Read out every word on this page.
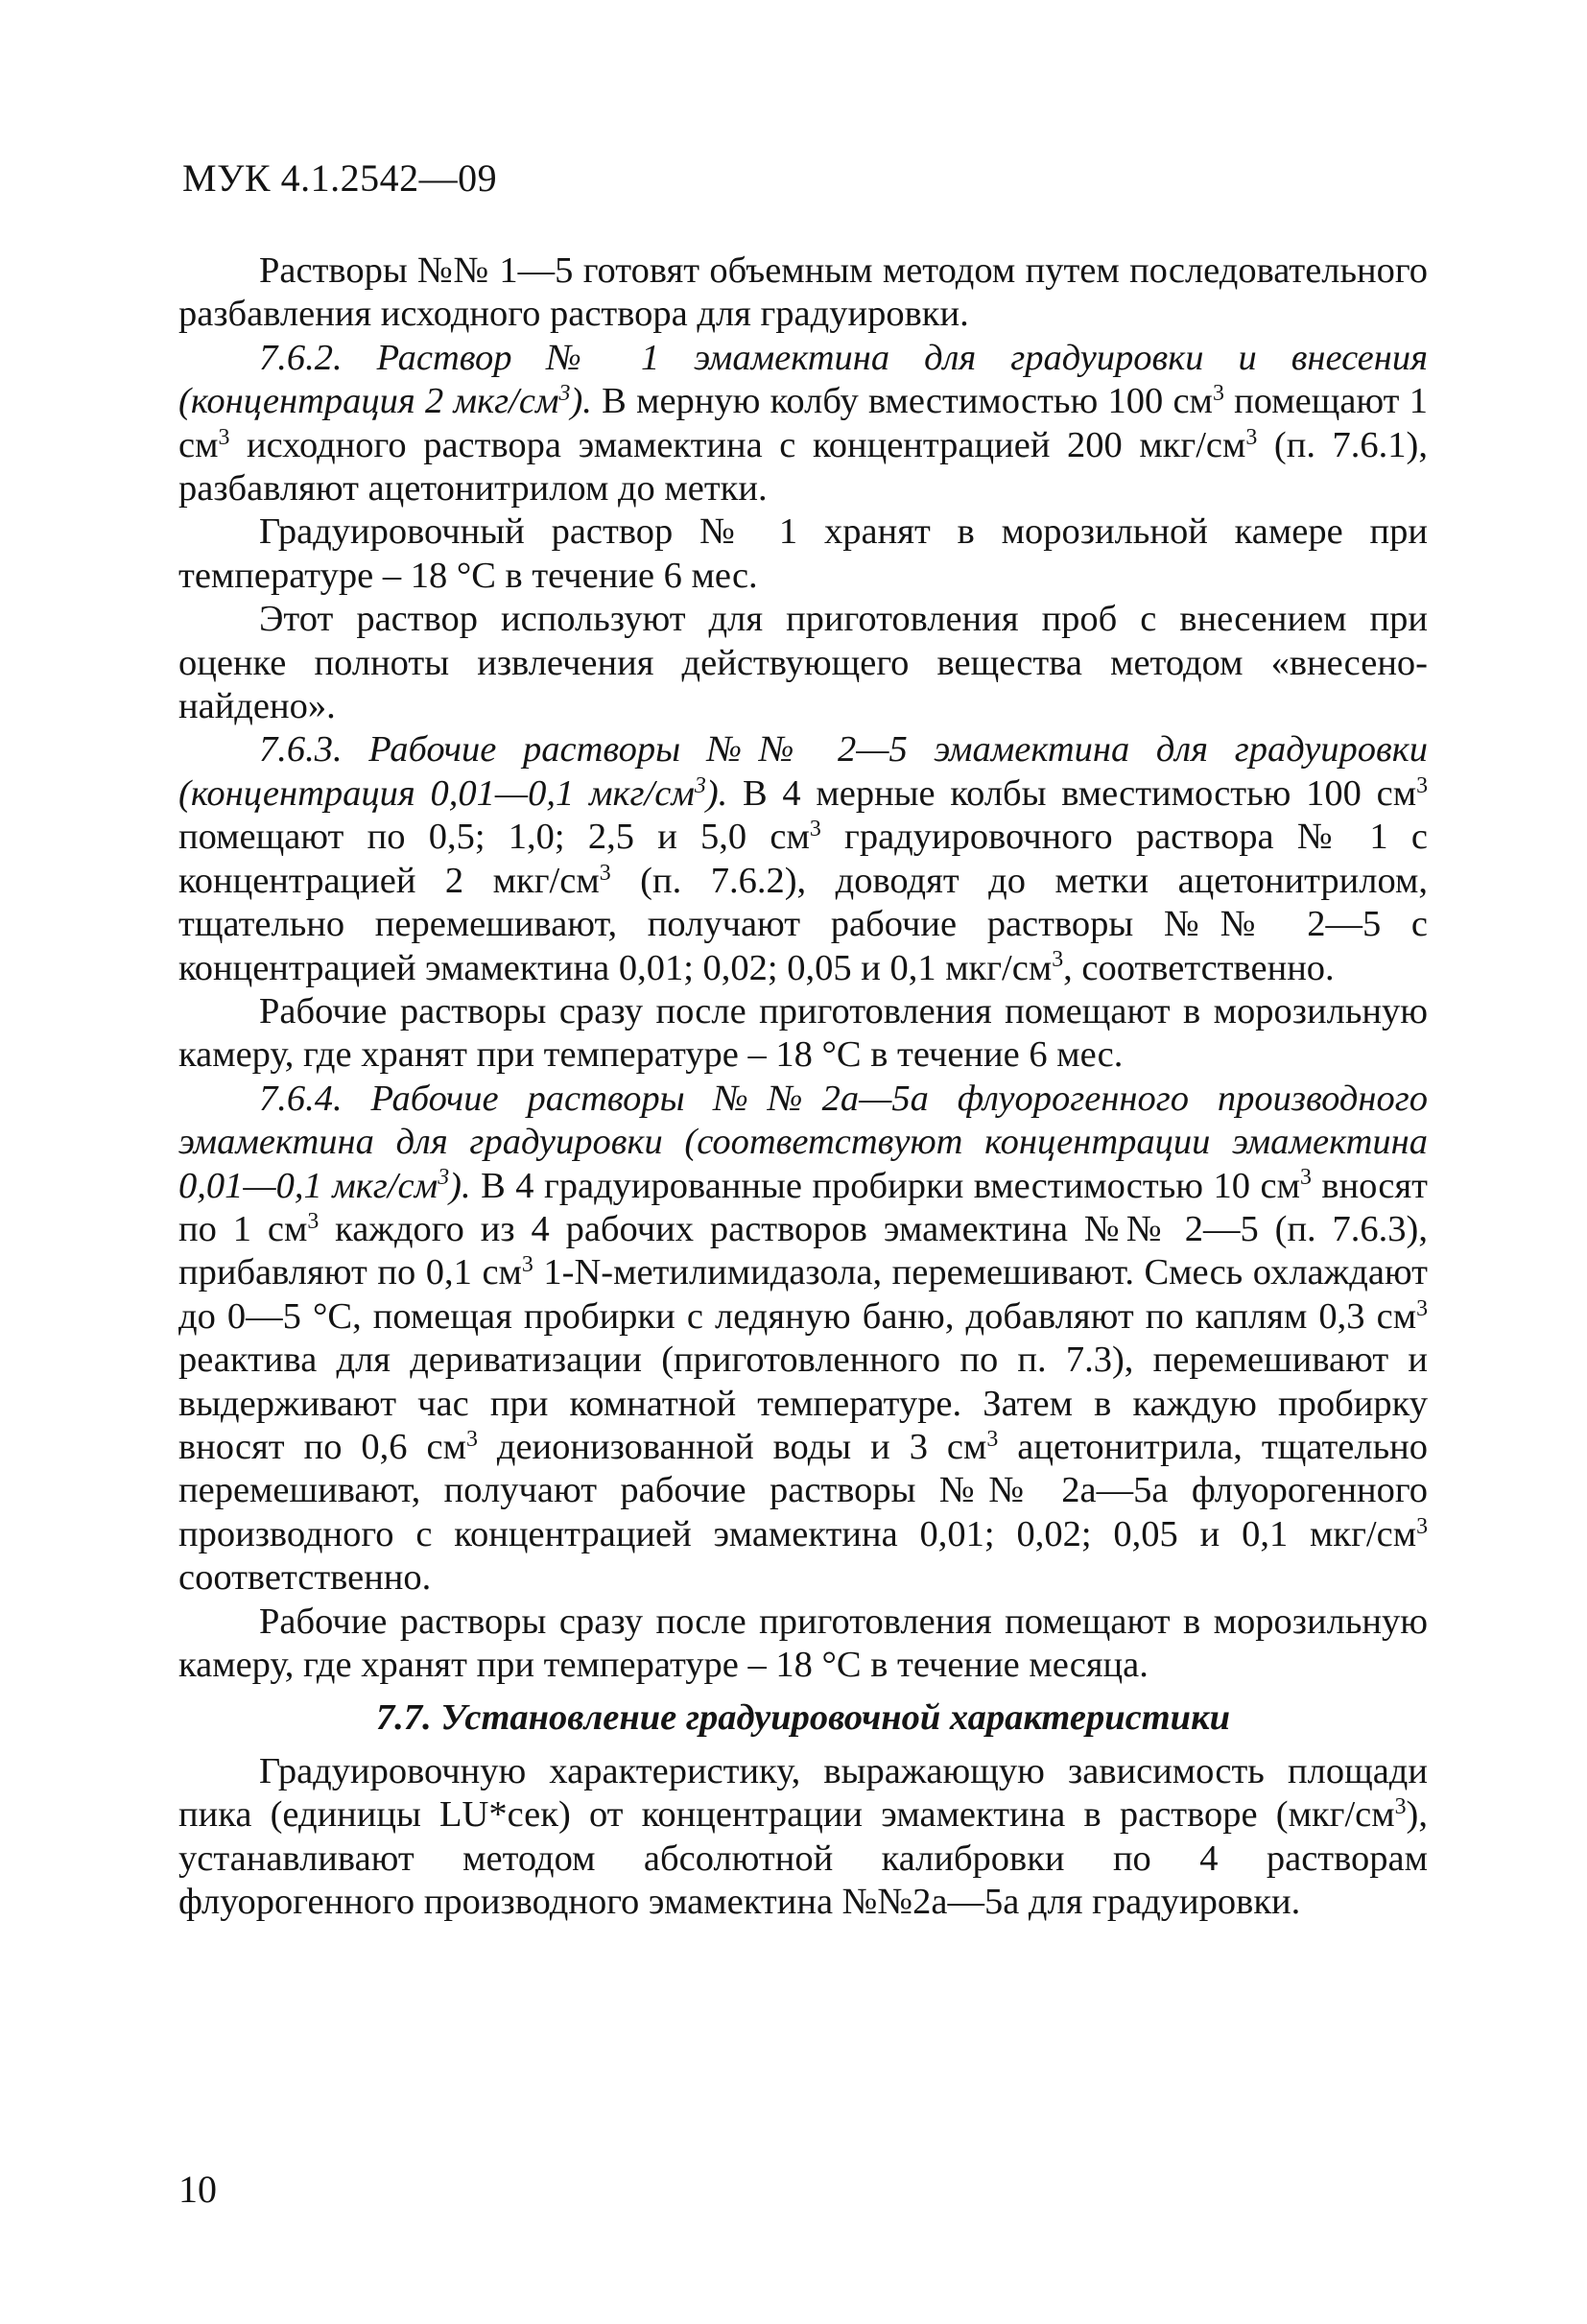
МУК 4.1.2542—09

Растворы №№ 1—5 готовят объемным методом путем последовательного разбавления исходного раствора для градуировки.

7.6.2. Раствор № 1 эмамектина для градуировки и внесения (концентрация 2 мкг/$см^3$). В мерную колбу вместимостью 100 $см^3$ помещают 1 $см^3$ исходного раствора эмамектина с концентрацией 200 мкг/$см^3$ (п. 7.6.1), разбавляют ацетонитрилом до метки.

Градуировочный раствор № 1 хранят в морозильной камере при температуре – 18 °С в течение 6 мес.

Этот раствор используют для приготовления проб с внесением при оценке полноты извлечения действующего вещества методом «внесено-найдено».

7.6.3. Рабочие растворы №№ 2—5 эмамектина для градуировки (концентрация 0,01—0,1 мкг/$см^3$). В 4 мерные колбы вместимостью 100 $см^3$ помещают по 0,5; 1,0; 2,5 и 5,0 $см^3$ градуировочного раствора № 1 с концентрацией 2 мкг/$см^3$ (п. 7.6.2), доводят до метки ацетонитрилом, тщательно перемешивают, получают рабочие растворы №№ 2—5 с концентрацией эмамектина 0,01; 0,02; 0,05 и 0,1 мкг/$см^3$, соответственно.

Рабочие растворы сразу после приготовления помещают в морозильную камеру, где хранят при температуре – 18 °С в течение 6 мес.

7.6.4. Рабочие растворы №№2а—5а флуорогенного производного эмамектина для градуировки (соответствуют концентрации эмамектина 0,01—0,1 мкг/$см^3$). В 4 градуированные пробирки вместимостью 10 $см^3$ вносят по 1 $см^3$ каждого из 4 рабочих растворов эмамектина №№ 2—5 (п. 7.6.3), прибавляют по 0,1 $см^3$ 1-N-метилимидазола, перемешивают. Смесь охлаждают до 0—5 °С, помещая пробирки с ледяную баню, добавляют по каплям 0,3 $см^3$ реактива для дериватизации (приготовленного по п. 7.3), перемешивают и выдерживают час при комнатной температуре. Затем в каждую пробирку вносят по 0,6 $см^3$ деионизованной воды и 3 $см^3$ ацетонитрила, тщательно перемешивают, получают рабочие растворы №№ 2а—5а флуорогенного производного с концентрацией эмамектина 0,01; 0,02; 0,05 и 0,1 мкг/$см^3$ соответственно.

Рабочие растворы сразу после приготовления помещают в морозильную камеру, где хранят при температуре – 18 °С в течение месяца.

7.7. Установление градуировочной характеристики

Градуировочную характеристику, выражающую зависимость площади пика (единицы LU*сек) от концентрации эмамектина в растворе $(мкг/см^3)$, устанавливают методом абсолютной калибровки по 4 растворам флуорогенного производного эмамектина №№2а—5а для градуировки.

10
